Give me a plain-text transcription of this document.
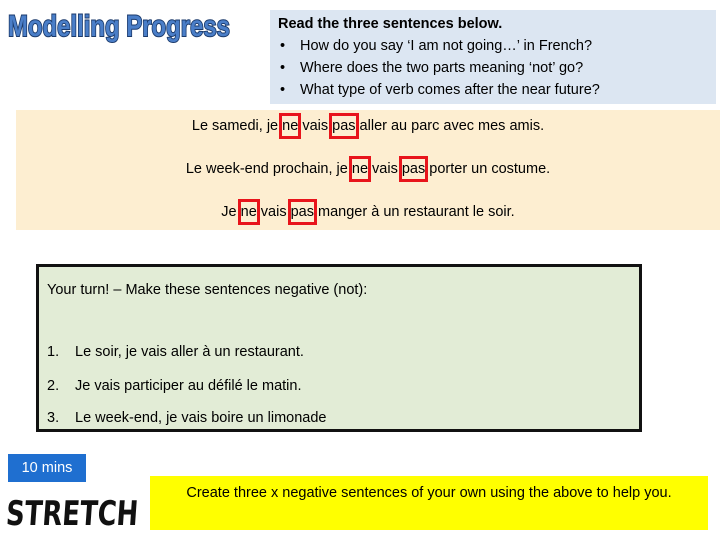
Modelling Progress	Read the three sentences below.
• How do you say ‘I am not going…’ in French?
• Where does the two parts meaning ‘not’ go?
• What type of verb comes after the near future?
Le samedi, je ne vais pas aller au parc avec mes amis.
Le week-end prochain, je ne vais pas porter un costume.
Je ne vais pas manger à un restaurant le soir.
Your turn! – Make these sentences negative (not):
1. Le soir, je vais aller à un restaurant.
2. Je vais participer au défilé le matin.
3. Le week-end, je vais boire un limonade
10 mins
STRETCH
Create three x negative sentences of your own using the above to help you.
